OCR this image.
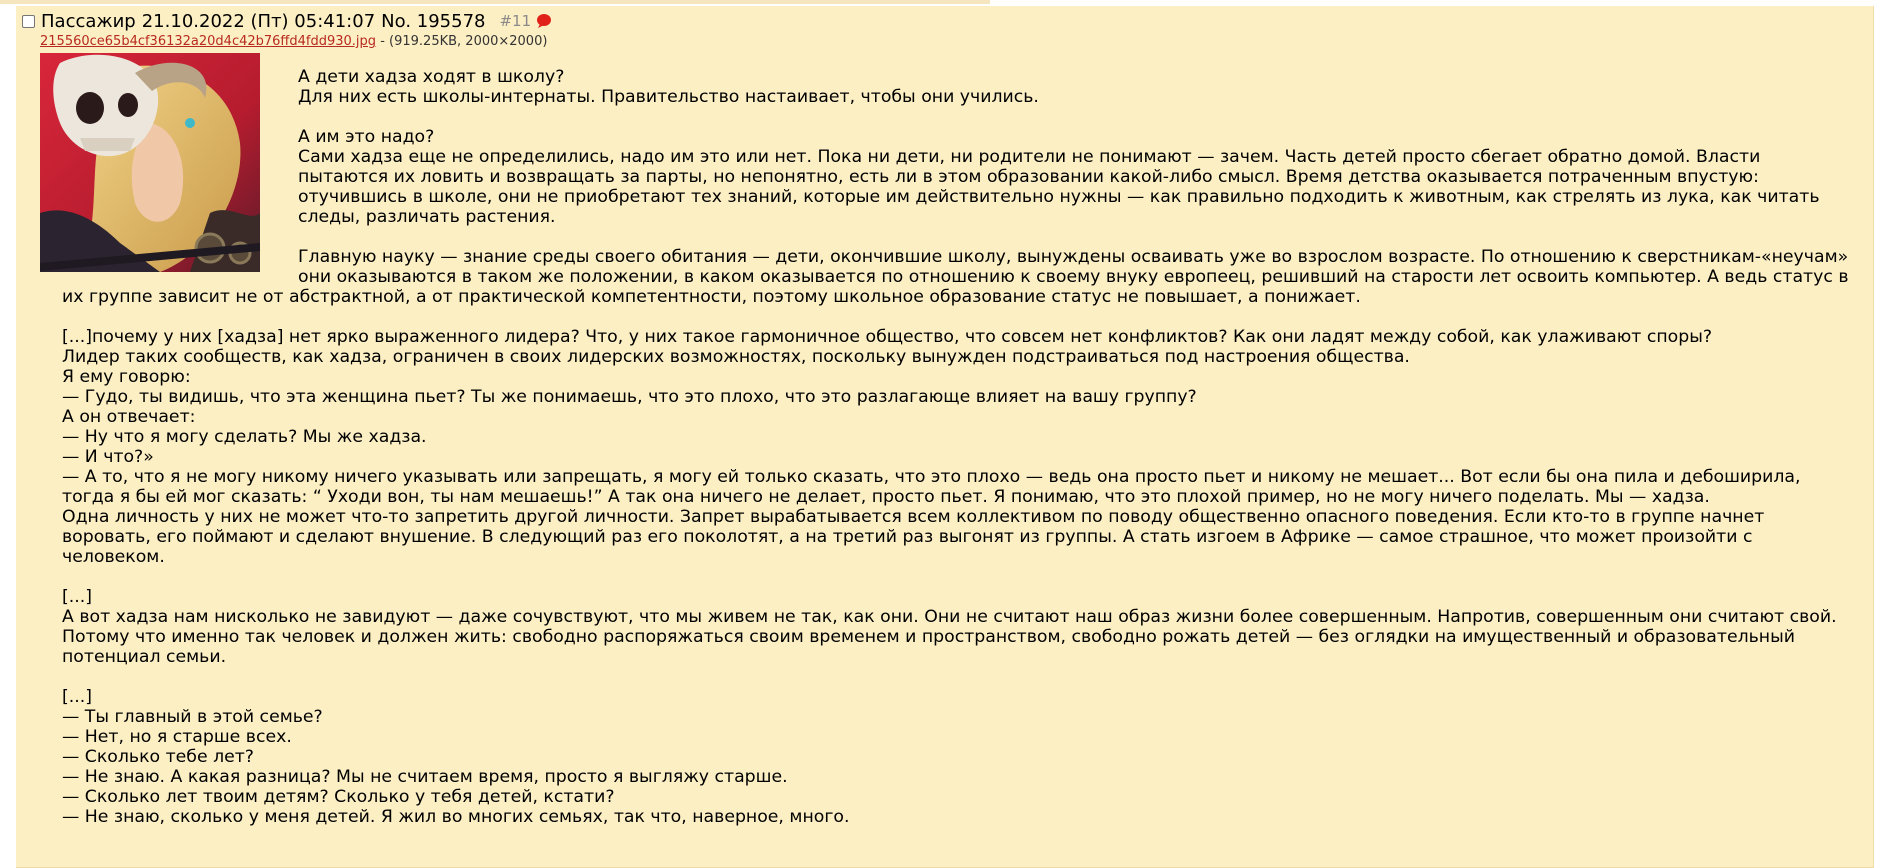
Пассажир 21.10.2022 (Пт) 05:41:07 No. 195578 #11
215560ce65b4cf36132a20d4c42b76ffd4fdd930.jpg - (919.25KB, 2000×2000)

А дети хадза ходят в школу?
Для них есть школы-интернаты. Правительство настаивает, чтобы они учились.

А им это надо?
Сами хадза еще не определились, надо им это или нет. Пока ни дети, ни родители не понимают — зачем. Часть детей просто сбегает обратно домой. Власти пытаются их ловить и возвращать за парты, но непонятно, есть ли в этом образовании какой-либо смысл. Время детства оказывается потраченным впустую: отучившись в школе, они не приобретают тех знаний, которые им действительно нужны — как правильно подходить к животным, как стрелять из лука, как читать следы, различать растения.

Главную науку — знание среды своего обитания — дети, окончившие школу, вынуждены осваивать уже во взрослом возрасте. По отношению к сверстникам-«неучам» они оказываются в таком же положении, в каком оказывается по отношению к своему внуку европеец, решивший на старости лет освоить компьютер. А ведь статус в их группе зависит не от абстрактной, а от практической компетентности, поэтому школьное образование статус не повышает, а понижает.

[...]почему у них [хадза] нет ярко выраженного лидера? Что, у них такое гармоничное общество, что совсем нет конфликтов? Как они ладят между собой, как улаживают споры?
Лидер таких сообществ, как хадза, ограничен в своих лидерских возможностях, поскольку вынужден подстраиваться под настроения общества.
Я ему говорю:
— Гудо, ты видишь, что эта женщина пьет? Ты же понимаешь, что это плохо, что это разлагающе влияет на вашу группу?
А он отвечает:
— Ну что я могу сделать? Мы же хадза.
— И что?»
— А то, что я не могу никому ничего указывать или запрещать, я могу ей только сказать, что это плохо — ведь она просто пьет и никому не мешает... Вот если бы она пила и дебоширила, тогда я бы ей мог сказать: “ Уходи вон, ты нам мешаешь!” А так она ничего не делает, просто пьет. Я понимаю, что это плохой пример, но не могу ничего поделать. Мы — хадза.
Одна личность у них не может что-то запретить другой личности. Запрет вырабатывается всем коллективом по поводу общественно опасного поведения. Если кто-то в группе начнет воровать, его поймают и сделают внушение. В следующий раз его поколотят, а на третий раз выгонят из группы. А стать изгоем в Африке — самое страшное, что может произойти с человеком.

[...]
А вот хадза нам нисколько не завидуют — даже сочувствуют, что мы живем не так, как они. Они не считают наш образ жизни более совершенным. Напротив, совершенным они считают свой. Потому что именно так человек и должен жить: свободно распоряжаться своим временем и пространством, свободно рожать детей — без оглядки на имущественный и образовательный потенциал семьи.

[...]
— Ты главный в этой семье?
— Нет, но я старше всех.
— Сколько тебе лет?
— Не знаю. А какая разница? Мы не считаем время, просто я выгляжу старше.
— Сколько лет твоим детям? Сколько у тебя детей, кстати?
— Не знаю, сколько у меня детей. Я жил во многих семьях, так что, наверное, много.
